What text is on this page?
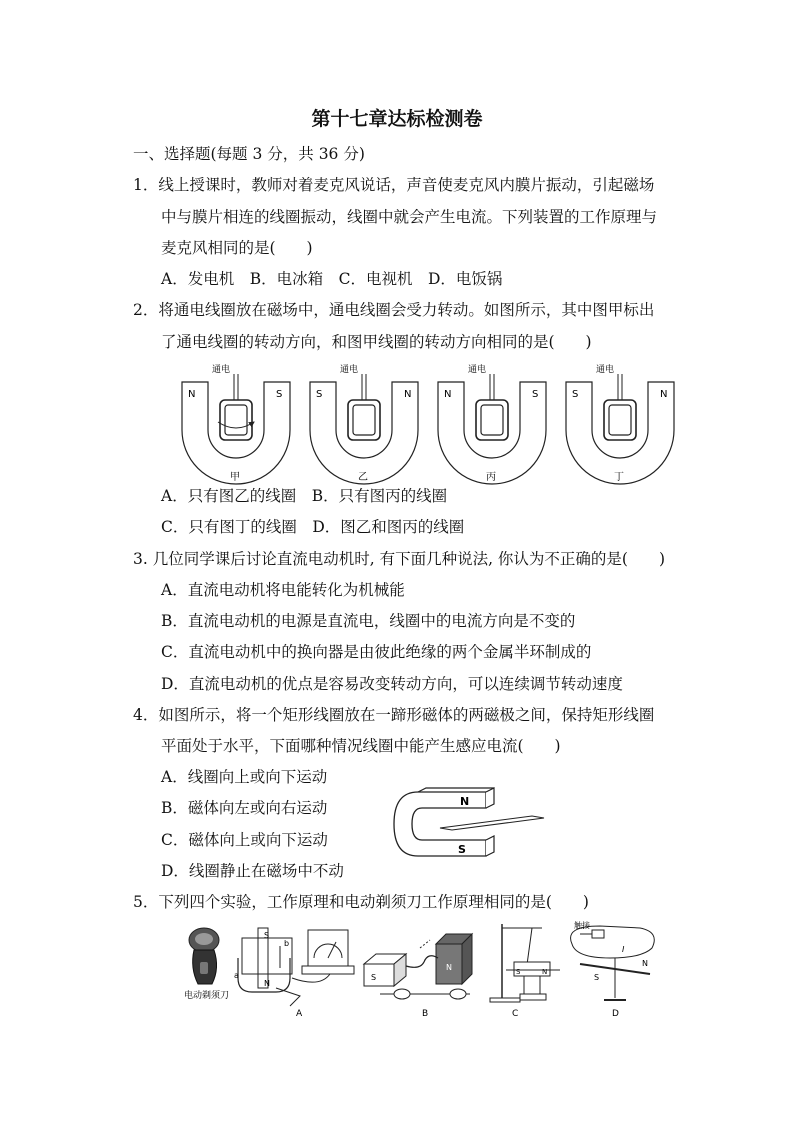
第十七章达标检测卷
一、选择题(每题 3 分，共 36 分)
1．线上授课时，教师对着麦克风说话，声音使麦克风内膜片振动，引起磁场
中与膜片相连的线圈振动，线圈中就会产生电流。下列装置的工作原理与
麦克风相同的是(　　)
A．发电机　B．电冰箱　C．电视机　D．电饭锅
2．将通电线圈放在磁场中，通电线圈会受力转动。如图所示，其中图甲标出
了通电线圈的转动方向，和图甲线圈的转动方向相同的是(　　)
N	S
通电
甲
S	N
通电
乙
N	S
通电
丙
S	N
通电
丁
A．只有图乙的线圈　B．只有图丙的线圈
C．只有图丁的线圈　D．图乙和图丙的线圈
3. 几位同学课后讨论直流电动机时, 有下面几种说法, 你认为不正确的是(　　)
A．直流电动机将电能转化为机械能
B．直流电动机的电源是直流电，线圈中的电流方向是不变的
C．直流电动机中的换向器是由彼此绝缘的两个金属半环制成的
D．直流电动机的优点是容易改变转动方向，可以连续调节转动速度
4．如图所示，将一个矩形线圈放在一蹄形磁体的两磁极之间，保持矩形线圈
平面处于水平，下面哪种情况线圈中能产生感应电流(　　)
A．线圈向上或向下运动
B．磁体向左或向右运动
C．磁体向上或向下运动
D．线圈静止在磁场中不动
N
S
5．下列四个实验，工作原理和电动剃须刀工作原理相同的是(　　)
电动剃须刀
S
N
a
b
A
S
N
B
S	N
C
触接
I
S
N
D
